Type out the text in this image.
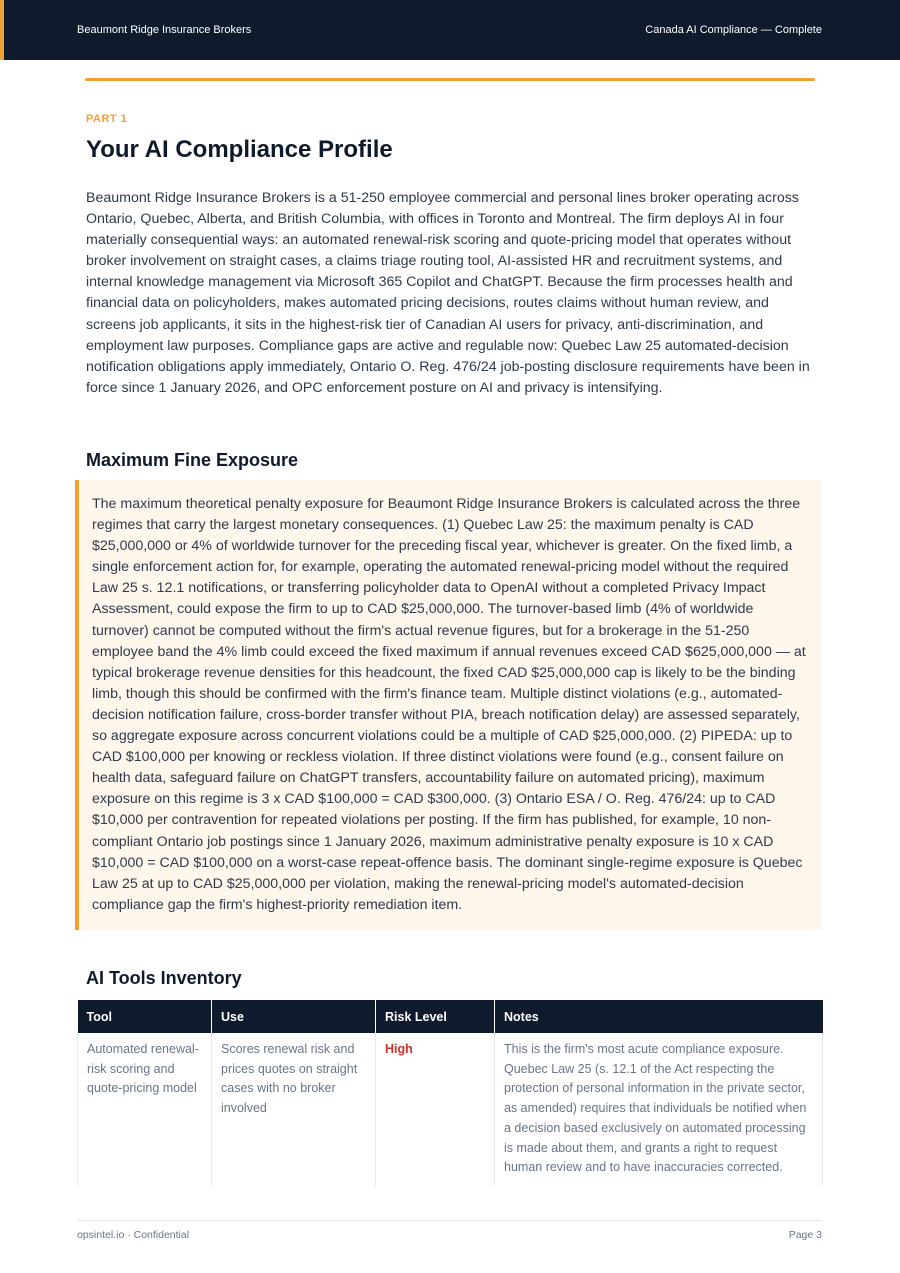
Beaumont Ridge Insurance Brokers	Canada AI Compliance — Complete
PART 1
Your AI Compliance Profile

Beaumont Ridge Insurance Brokers is a 51-250 employee commercial and personal lines broker operating across Ontario, Quebec, Alberta, and British Columbia, with offices in Toronto and Montreal. The firm deploys AI in four materially consequential ways: an automated renewal-risk scoring and quote-pricing model that operates without broker involvement on straight cases, a claims triage routing tool, AI-assisted HR and recruitment systems, and internal knowledge management via Microsoft 365 Copilot and ChatGPT. Because the firm processes health and financial data on policyholders, makes automated pricing decisions, routes claims without human review, and screens job applicants, it sits in the highest-risk tier of Canadian AI users for privacy, anti-discrimination, and employment law purposes. Compliance gaps are active and regulable now: Quebec Law 25 automated-decision notification obligations apply immediately, Ontario O. Reg. 476/24 job-posting disclosure requirements have been in force since 1 January 2026, and OPC enforcement posture on AI and privacy is intensifying.

Maximum Fine Exposure

The maximum theoretical penalty exposure for Beaumont Ridge Insurance Brokers is calculated across the three regimes that carry the largest monetary consequences. (1) Quebec Law 25: the maximum penalty is CAD $25,000,000 or 4% of worldwide turnover for the preceding fiscal year, whichever is greater. On the fixed limb, a single enforcement action for, for example, operating the automated renewal-pricing model without the required Law 25 s. 12.1 notifications, or transferring policyholder data to OpenAI without a completed Privacy Impact Assessment, could expose the firm to up to CAD $25,000,000. The turnover-based limb (4% of worldwide turnover) cannot be computed without the firm's actual revenue figures, but for a brokerage in the 51-250 employee band the 4% limb could exceed the fixed maximum if annual revenues exceed CAD $625,000,000 — at typical brokerage revenue densities for this headcount, the fixed CAD $25,000,000 cap is likely to be the binding limb, though this should be confirmed with the firm's finance team. Multiple distinct violations (e.g., automated-decision notification failure, cross-border transfer without PIA, breach notification delay) are assessed separately, so aggregate exposure across concurrent violations could be a multiple of CAD $25,000,000. (2) PIPEDA: up to CAD $100,000 per knowing or reckless violation. If three distinct violations were found (e.g., consent failure on health data, safeguard failure on ChatGPT transfers, accountability failure on automated pricing), maximum exposure on this regime is 3 x CAD $100,000 = CAD $300,000. (3) Ontario ESA / O. Reg. 476/24: up to CAD $10,000 per contravention for repeated violations per posting. If the firm has published, for example, 10 non-compliant Ontario job postings since 1 January 2026, maximum administrative penalty exposure is 10 x CAD $10,000 = CAD $100,000 on a worst-case repeat-offence basis. The dominant single-regime exposure is Quebec Law 25 at up to CAD $25,000,000 per violation, making the renewal-pricing model's automated-decision compliance gap the firm's highest-priority remediation item.

AI Tools Inventory
Tool	Use	Risk Level	Notes
Automated renewal-risk scoring and quote-pricing model	Scores renewal risk and prices quotes on straight cases with no broker involved	High	This is the firm's most acute compliance exposure. Quebec Law 25 (s. 12.1 of the Act respecting the protection of personal information in the private sector, as amended) requires that individuals be notified when a decision based exclusively on automated processing is made about them, and grants a right to request human review and to have inaccuracies corrected.
opsintel.io · Confidential	Page 3
